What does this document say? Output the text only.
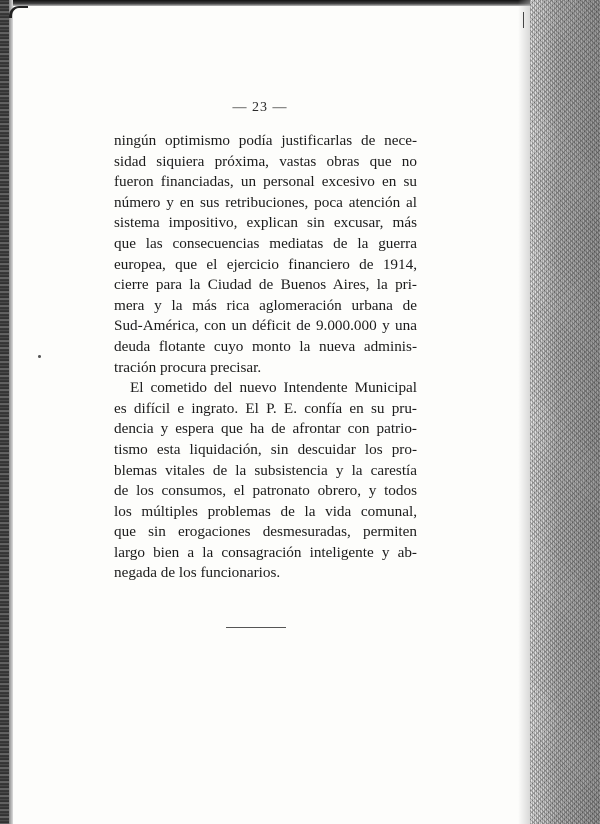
— 23 —
ningún optimismo podía justificarlas de nece-
sidad siquiera próxima, vastas obras que no
fueron financiadas, un personal excesivo en su
número y en sus retribuciones, poca atención al
sistema impositivo, explican sin excusar, más
que las consecuencias mediatas de la guerra
europea, que el ejercicio financiero de 1914,
cierre para la Ciudad de Buenos Aires, la pri-
mera y la más rica aglomeración urbana de
Sud-América, con un déficit de 9.000.000 y una
deuda flotante cuyo monto la nueva adminis-
tración procura precisar.
El cometido del nuevo Intendente Municipal
es difícil e ingrato. El P. E. confía en su pru-
dencia y espera que ha de afrontar con patrio-
tismo esta liquidación, sin descuidar los pro-
blemas vitales de la subsistencia y la carestía
de los consumos, el patronato obrero, y todos
los múltiples problemas de la vida comunal,
que sin erogaciones desmesuradas, permiten
largo bien a la consagración inteligente y ab-
negada de los funcionarios.
